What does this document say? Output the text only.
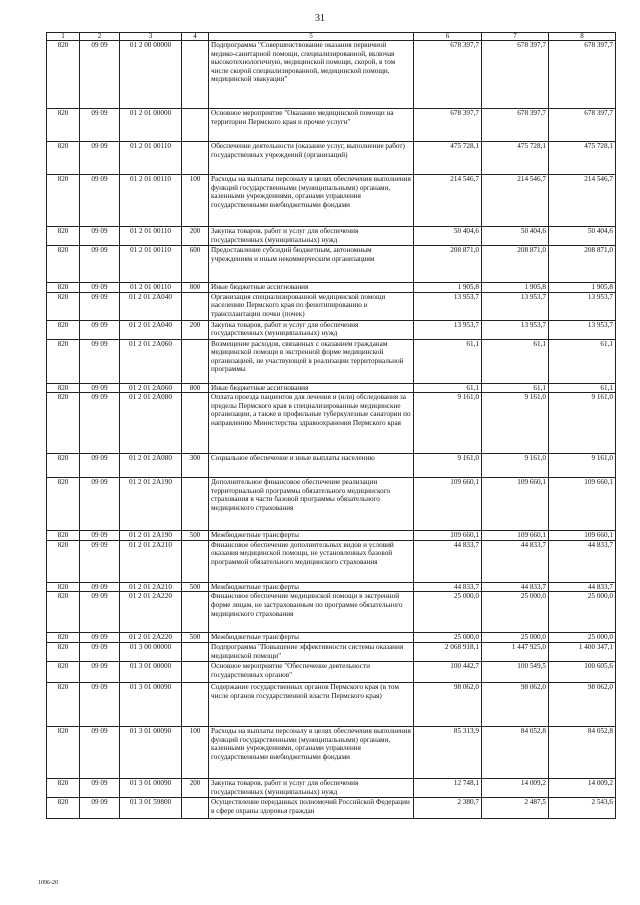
31
1	2	3	4	5	6	7	8
820	09 09	01 2 00 00000		Подпрограмма "Совершенствование оказания первичной медико-санитарной помощи, специализированной, включая высокотехнологичную, медицинской помощи, скорой, в том числе скорой специализированной, медицинской помощи, медицинской эвакуации"	678 397,7	678 397,7	678 397,7
820	09 09	01 2 01 00000		Основное мероприятие "Оказание медицинской помощи на территории Пермского края и прочие услуги"	678 397,7	678 397,7	678 397,7
820	09 09	01 2 01 00110		Обеспечение деятельности (оказание услуг, выполнение работ) государственных учреждений (организаций)	475 728,1	475 728,1	475 728,1
820	09 09	01 2 01 00110	100	Расходы на выплаты персоналу в целях обеспечения выполнения функций государственными (муниципальными) органами, казенными учреждениями, органами управления государственными внебюджетными фондами	214 546,7	214 546,7	214 546,7
820	09 09	01 2 01 00110	200	Закупка товаров, работ и услуг для обеспечения государственных (муниципальных) нужд	50 404,6	50 404,6	50 404,6
820	09 09	01 2 01 00110	600	Предоставление субсидий бюджетным, автономным учреждениям и иным некоммерческим организациям	208 871,0	208 871,0	208 871,0
820	09 09	01 2 01 00110	800	Иные бюджетные ассигнования	1 905,8	1 905,8	1 905,8
820	09 09	01 2 01 2A040		Организация специализированной медицинской помощи населению Пермского края по фенотипированию и трансплантации почки (почек)	13 953,7	13 953,7	13 953,7
820	09 09	01 2 01 2A040	200	Закупка товаров, работ и услуг для обеспечения государственных (муниципальных) нужд	13 953,7	13 953,7	13 953,7
820	09 09	01 2 01 2A060		Возмещение расходов, связанных с оказанием гражданам медицинской помощи в экстренной форме медицинской организацией, не участвующей в реализации территориальной программы	61,1	61,1	61,1
820	09 09	01 2 01 2A060	800	Иные бюджетные ассигнования	61,1	61,1	61,1
820	09 09	01 2 01 2A080		Оплата проезда пациентов для лечения и (или) обследования за пределы Пермского края в специализированные медицинские организации, а также в профильные туберкулезные санатории по направлению Министерства здравоохранения Пермского края	9 161,0	9 161,0	9 161,0
820	09 09	01 2 01 2A080	300	Социальное обеспечение и иные выплаты населению	9 161,0	9 161,0	9 161,0
820	09 09	01 2 01 2A190		Дополнительное финансовое обеспечение реализации территориальной программы обязательного медицинского страхования в части базовой программы обязательного медицинского страхования	109 660,1	109 660,1	109 660,1
820	09 09	01 2 01 2A190	500	Межбюджетные трансферты	109 660,1	109 660,1	109 660,1
820	09 09	01 2 01 2A210		Финансовое обеспечение дополнительных видов и условий оказания медицинской помощи, не установленных базовой программой обязательного медицинского страхования	44 833,7	44 833,7	44 833,7
820	09 09	01 2 01 2A210	500	Межбюджетные трансферты	44 833,7	44 833,7	44 833,7
820	09 09	01 2 01 2A220		Финансовое обеспечение медицинской помощи в экстренной форме лицам, не застрахованным по программе обязательного медицинского страхования	25 000,0	25 000,0	25 000,0
820	09 09	01 2 01 2A220	500	Межбюджетные трансферты	25 000,0	25 000,0	25 000,0
820	09 09	01 3 00 00000		Подпрограмма "Повышение эффективности системы оказания медицинской помощи"	2 068 918,1	1 447 925,0	1 400 347,1
820	09 09	01 3 01 00000		Основное мероприятие "Обеспечение деятельности государственных органов"	100 442,7	100 549,5	100 605,6
820	09 09	01 3 01 00090		Содержание государственных органов Пермского края (в том числе органов государственной власти Пермского края)	98 062,0	98 062,0	98 062,0
820	09 09	01 3 01 00090	100	Расходы на выплаты персоналу в целях обеспечения выполнения функций государственными (муниципальными) органами, казенными учреждениями, органами управления государственными внебюджетными фондами	85 313,9	84 052,8	84 052,8
820	09 09	01 3 01 00090	200	Закупка товаров, работ и услуг для обеспечения государственных (муниципальных) нужд	12 748,1	14 009,2	14 009,2
820	09 09	01 3 01 59800		Осуществление переданных полномочий Российской Федерации в сфере охраны здоровья граждан	2 380,7	2 487,5	2 543,6
1096-20
